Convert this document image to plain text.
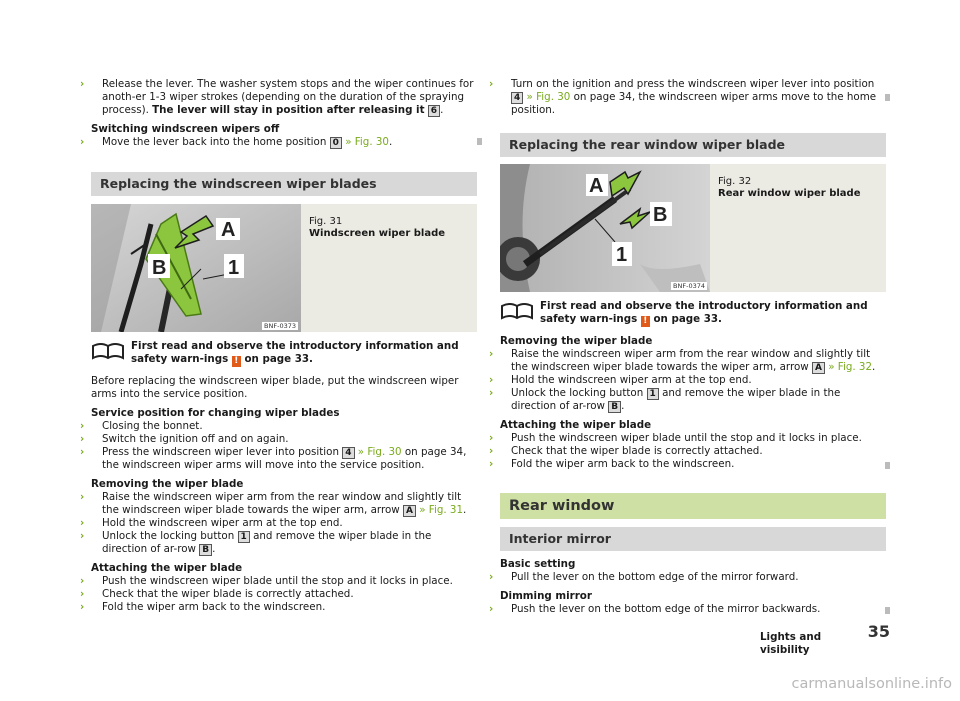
› Release the lever. The washer system stops and the wiper continues for anoth-er 1-3 wiper strokes (depending on the duration of the spraying process). The lever will stay in position after releasing it 6 .

Switching windscreen wipers off

› Move the lever back into the home position 0 » Fig. 30.

Replacing the windscreen wiper blades
A
B	1
BNF-0373
Fig. 31
Windscreen wiper blade
First read and observe the introductory information and safety warn-ings ! on page 33.

Before replacing the windscreen wiper blade, put the windscreen wiper arms into the service position.

Service position for changing wiper blades

› Closing the bonnet.

› Switch the ignition off and on again.

› Press the windscreen wiper lever into position 4 » Fig. 30 on page 34, the windscreen wiper arms will move into the service position.

Removing the wiper blade

› Raise the windscreen wiper arm from the rear window and slightly tilt the windscreen wiper blade towards the wiper arm, arrow A » Fig. 31.

› Hold the windscreen wiper arm at the top end.

› Unlock the locking button 1 and remove the wiper blade in the direction of ar-row B .

Attaching the wiper blade

› Push the windscreen wiper blade until the stop and it locks in place.

› Check that the wiper blade is correctly attached.

› Fold the wiper arm back to the windscreen.

› Turn on the ignition and press the windscreen wiper lever into position 4 » Fig. 30 on page 34, the windscreen wiper arms move to the home position.

Replacing the rear window wiper blade
A
B
1
BNF-0374
Fig. 32
Rear window wiper blade
First read and observe the introductory information and safety warn-ings ! on page 33.

Removing the wiper blade

› Raise the windscreen wiper arm from the rear window and slightly tilt the windscreen wiper blade towards the wiper arm, arrow A » Fig. 32.

› Hold the windscreen wiper arm at the top end.

› Unlock the locking button 1 and remove the wiper blade in the direction of ar-row B .

Attaching the wiper blade

› Push the windscreen wiper blade until the stop and it locks in place.

› Check that the wiper blade is correctly attached.

› Fold the wiper arm back to the windscreen.

Rear window
Interior mirror

Basic setting

› Pull the lever on the bottom edge of the mirror forward.

Dimming mirror

› Push the lever on the bottom edge of the mirror backwards.

Lights and visibility
35
carmanualsonline.info
